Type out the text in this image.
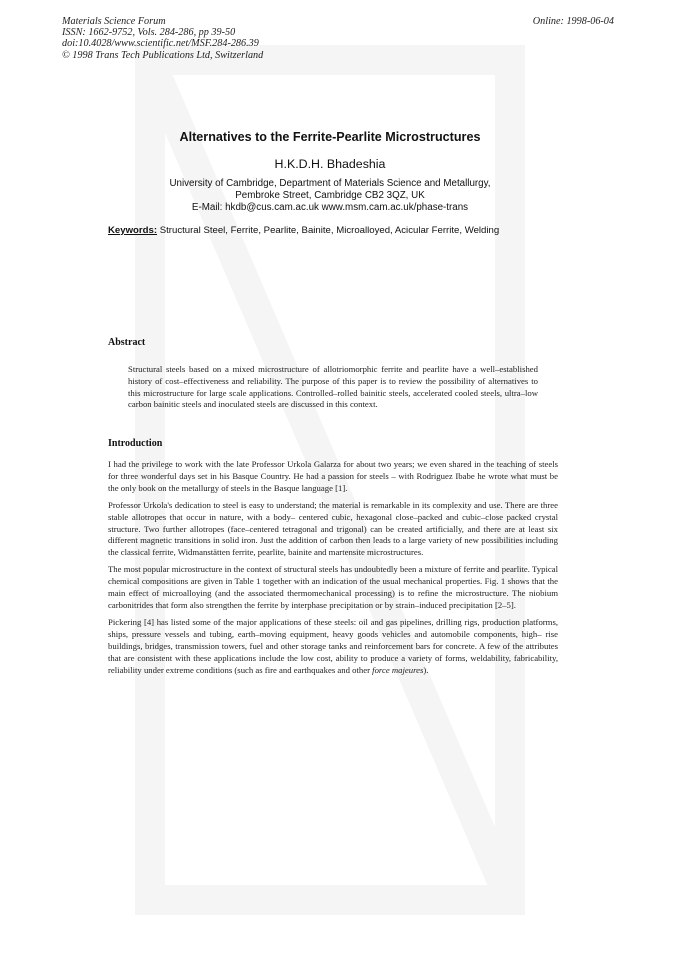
Materials Science Forum
ISSN: 1662-9752, Vols. 284-286, pp 39-50
doi:10.4028/www.scientific.net/MSF.284-286.39
© 1998 Trans Tech Publications Ltd, Switzerland
Online: 1998-06-04
Alternatives to the Ferrite-Pearlite Microstructures
H.K.D.H. Bhadeshia
University of Cambridge, Department of Materials Science and Metallurgy,
Pembroke Street, Cambridge CB2 3QZ, UK
E-Mail: hkdb@cus.cam.ac.uk www.msm.cam.ac.uk/phase-trans
Keywords: Structural Steel, Ferrite, Pearlite, Bainite, Microalloyed, Acicular Ferrite, Welding
Abstract
Structural steels based on a mixed microstructure of allotriomorphic ferrite and pearlite have a well–established history of cost–effectiveness and reliability. The purpose of this paper is to review the possibility of alternatives to this microstructure for large scale applications. Controlled–rolled bainitic steels, accelerated cooled steels, ultra–low carbon bainitic steels and inoculated steels are discussed in this context.
Introduction

I had the privilege to work with the late Professor Urkola Galarza for about two years; we even shared in the teaching of steels for three wonderful days set in his Basque Country. He had a passion for steels – with Rodriguez Ibabe he wrote what must be the only book on the metallurgy of steels in the Basque language [1].

Professor Urkola's dedication to steel is easy to understand; the material is remarkable in its complexity and use. There are three stable allotropes that occur in nature, with a body– centered cubic, hexagonal close–packed and cubic–close packed crystal structure. Two further allotropes (face–centered tetragonal and trigonal) can be created artificially, and there are at least six different magnetic transitions in solid iron. Just the addition of carbon then leads to a large variety of new possibilities including the classical ferrite, Widmanstätten ferrite, pearlite, bainite and martensite microstructures.

The most popular microstructure in the context of structural steels has undoubtedly been a mixture of ferrite and pearlite. Typical chemical compositions are given in Table 1 together with an indication of the usual mechanical properties. Fig. 1 shows that the main effect of microalloying (and the associated thermomechanical processing) is to refine the microstructure. The niobium carbonitrides that form also strengthen the ferrite by interphase precipitation or by strain–induced precipitation [2–5].

Pickering [4] has listed some of the major applications of these steels: oil and gas pipelines, drilling rigs, production platforms, ships, pressure vessels and tubing, earth–moving equipment, heavy goods vehicles and automobile components, high– rise buildings, bridges, transmission towers, fuel and other storage tanks and reinforcement bars for concrete. A few of the attributes that are consistent with these applications include the low cost, ability to produce a variety of forms, weldability, fabricability, reliability under extreme conditions (such as fire and earthquakes and other force majeures).
